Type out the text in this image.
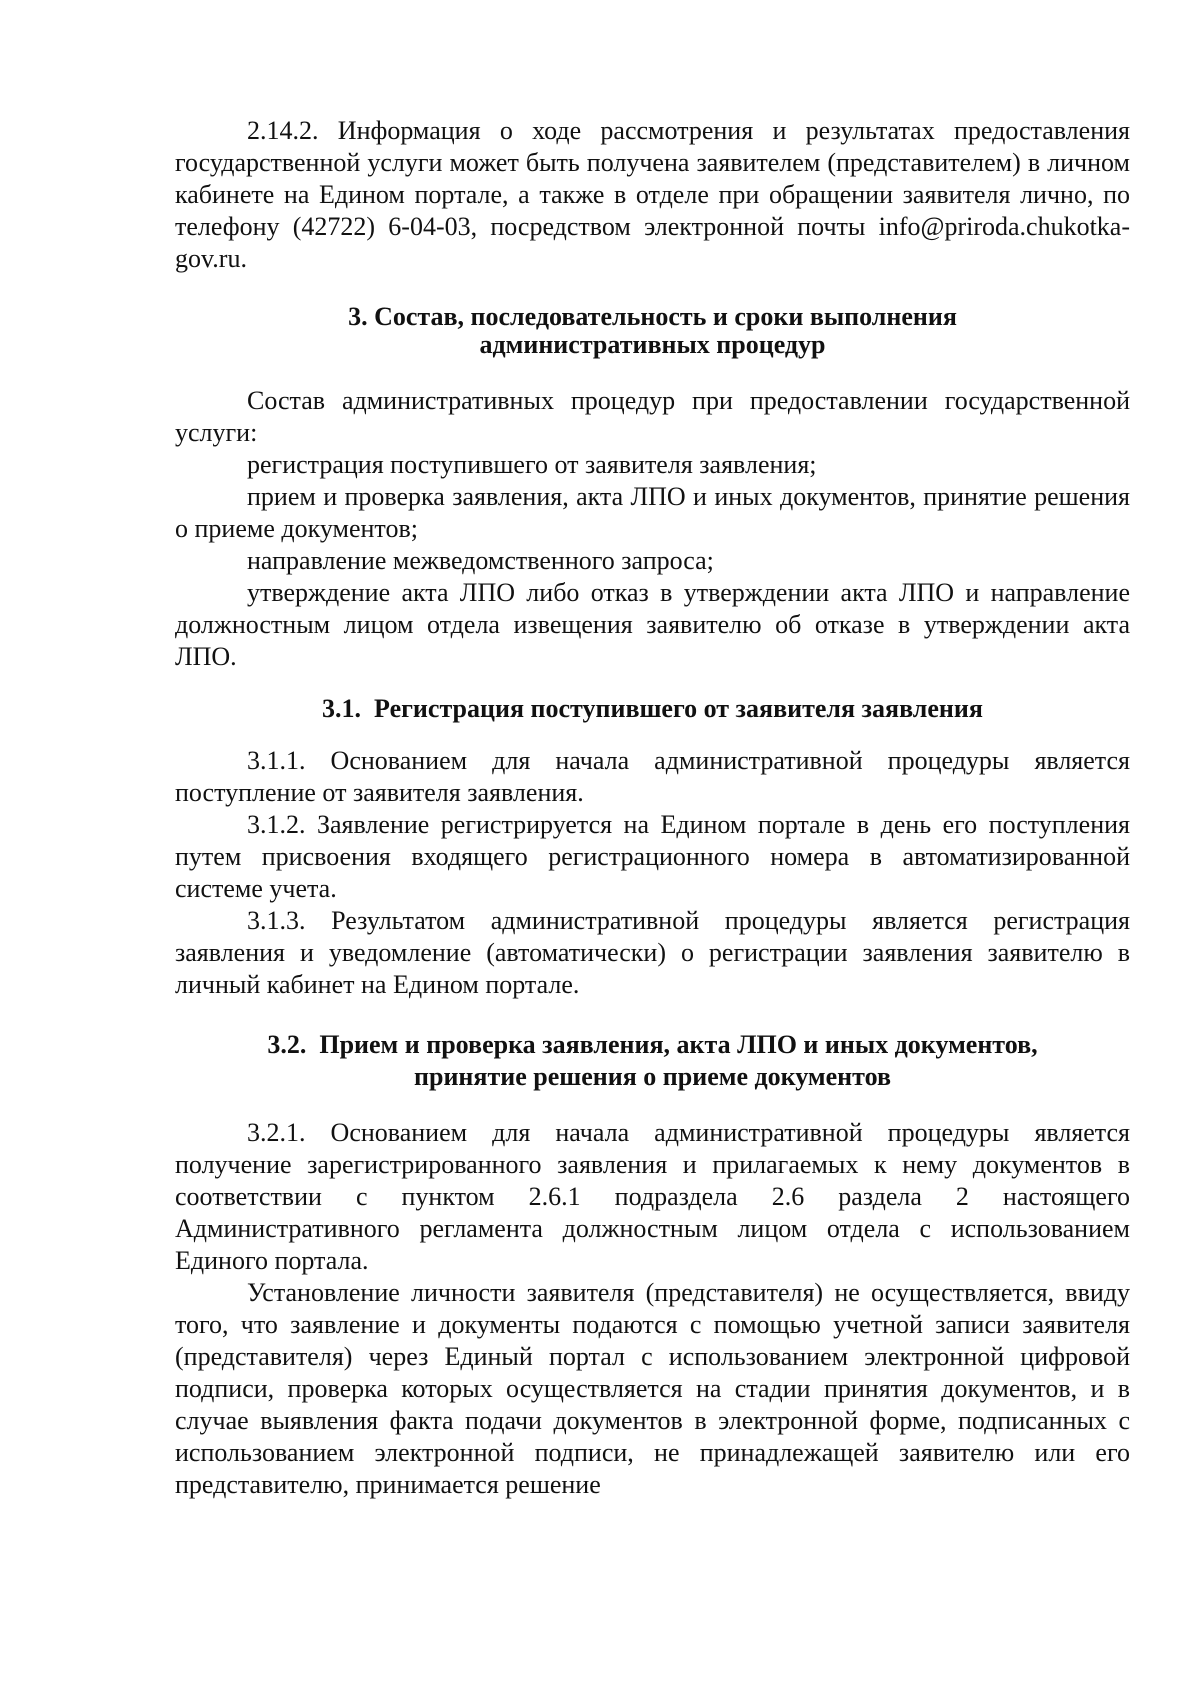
2.14.2. Информация о ходе рассмотрения и результатах предоставления государственной услуги может быть получена заявителем (представителем) в личном кабинете на Едином портале, а также в отделе при обращении заявителя лично, по телефону (42722) 6-04-03, посредством электронной почты info@priroda.chukotka-gov.ru.

3. Состав, последовательность и сроки выполнения
административных процедур

Состав административных процедур при предоставлении государственной услуги:

регистрация поступившего от заявителя заявления;

прием и проверка заявления, акта ЛПО и иных документов, принятие решения о приеме документов;

направление межведомственного запроса;

утверждение акта ЛПО либо отказ в утверждении акта ЛПО и направление должностным лицом отдела извещения заявителю об отказе в утверждении акта ЛПО.

3.1.  Регистрация поступившего от заявителя заявления

3.1.1. Основанием для начала административной процедуры является поступление от заявителя заявления.

3.1.2. Заявление регистрируется на Едином портале в день его поступления путем присвоения входящего регистрационного номера в автоматизированной системе учета.

3.1.3. Результатом административной процедуры является регистрация заявления и уведомление (автоматически) о регистрации заявления заявителю в личный кабинет на Едином портале.

3.2.  Прием и проверка заявления, акта ЛПО и иных документов,
принятие решения о приеме документов

3.2.1. Основанием для начала административной процедуры является получение зарегистрированного заявления и прилагаемых к нему документов в соответствии с пунктом 2.6.1 подраздела 2.6 раздела 2 настоящего Административного регламента должностным лицом отдела с использованием Единого портала.

Установление личности заявителя (представителя) не осуществляется, ввиду того, что заявление и документы подаются с помощью учетной записи заявителя (представителя) через Единый портал с использованием электронной цифровой подписи, проверка которых осуществляется на стадии принятия документов, и в случае выявления факта подачи документов в электронной форме, подписанных с использованием электронной подписи, не принадлежащей заявителю или его представителю, принимается решение
